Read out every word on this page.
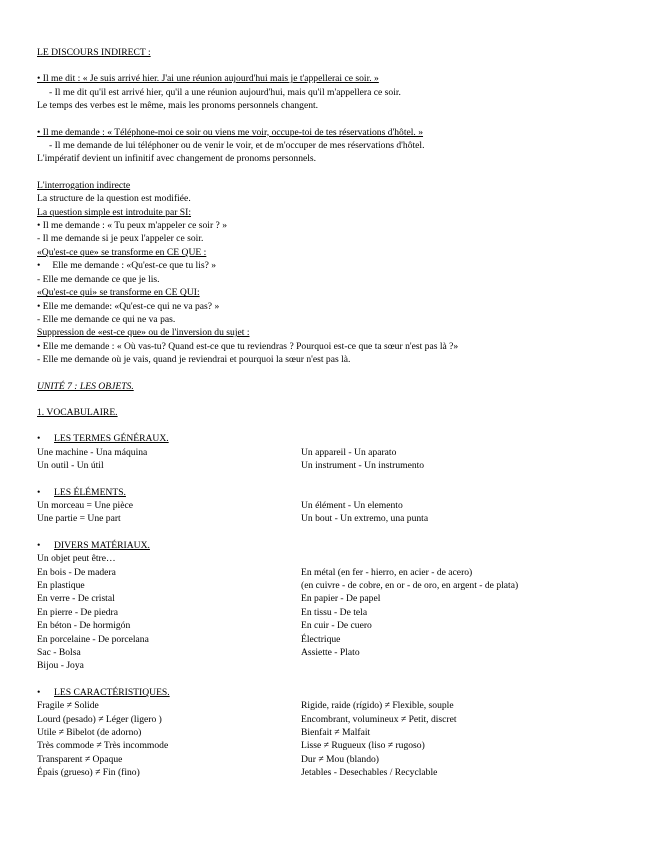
LE DISCOURS INDIRECT :
• Il me dit : « Je suis arrivé hier. J'ai une réunion aujourd'hui mais je t'appellerai ce soir. »
- Il me dit qu'il est arrivé hier, qu'il a une réunion aujourd'hui, mais qu'il m'appellera ce soir.
Le temps des verbes est le même, mais les pronoms personnels changent.
• Il me demande : « Téléphone-moi ce soir ou viens me voir, occupe-toi de tes réservations d'hôtel. »
- Il me demande de lui téléphoner ou de venir le voir, et de m'occuper de mes réservations d'hôtel.
L'impératif devient un infinitif avec changement de pronoms personnels.
L'interrogation indirecte
La structure de la question est modifiée.
La question simple est introduite par SI:
• Il me demande : « Tu peux m'appeler ce soir ? »
- Il me demande si je peux l'appeler ce soir.
«Qu'est-ce que» se transforme en CE QUE :
•     Elle me demande : «Qu'est-ce que tu lis? »
- Elle me demande ce que je lis.
«Qu'est-ce qui» se transforme en CE QUI:
• Elle me demande: «Qu'est-ce qui ne va pas? »
- Elle me demande ce qui ne va pas.
Suppression de «est-ce que» ou de l'inversion du sujet :
• Elle me demande : « Où vas-tu? Quand est-ce que tu reviendras ? Pourquoi est-ce que ta sœur n'est pas là ?»
- Elle me demande où je vais, quand je reviendrai et pourquoi la sœur n'est pas là.
UNITÉ 7 : LES OBJETS.
1. VOCABULAIRE.
•	LES TERMES GÉNÉRAUX.
Une machine - Una máquina	Un appareil - Un aparato
Un outil - Un útil	Un instrument - Un instrumento
•	LES ÉLÉMENTS.
Un morceau = Une pièce	Un élément - Un elemento
Une partie = Une part	Un bout - Un extremo, una punta
•	DIVERS MATÉRIAUX.
Un objet peut être…
En bois - De madera	En métal (en fer - hierro, en acier - de acero)
En plastique	(en cuivre - de cobre, en or - de oro, en argent - de plata)
En verre - De cristal	En papier - De papel
En pierre - De piedra	En tissu - De tela
En béton - De hormigón	En cuir - De cuero
En porcelaine - De porcelana	Électrique
Sac - Bolsa	Assiette - Plato
Bijou - Joya
•	LES CARACTÉRISTIQUES.
Fragile ≠ Solide	Rigide, raide (rígido) ≠ Flexible, souple
Lourd (pesado) ≠ Léger (ligero )	Encombrant, volumineux ≠ Petit, discret
Utile ≠ Bibelot (de adorno)	Bienfait ≠ Malfait
Très commode ≠ Très incommode	Lisse ≠ Rugueux (liso ≠ rugoso)
Transparent ≠ Opaque	Dur ≠ Mou (blando)
Épais (grueso) ≠ Fin (fino)	Jetables - Desechables / Recyclable
